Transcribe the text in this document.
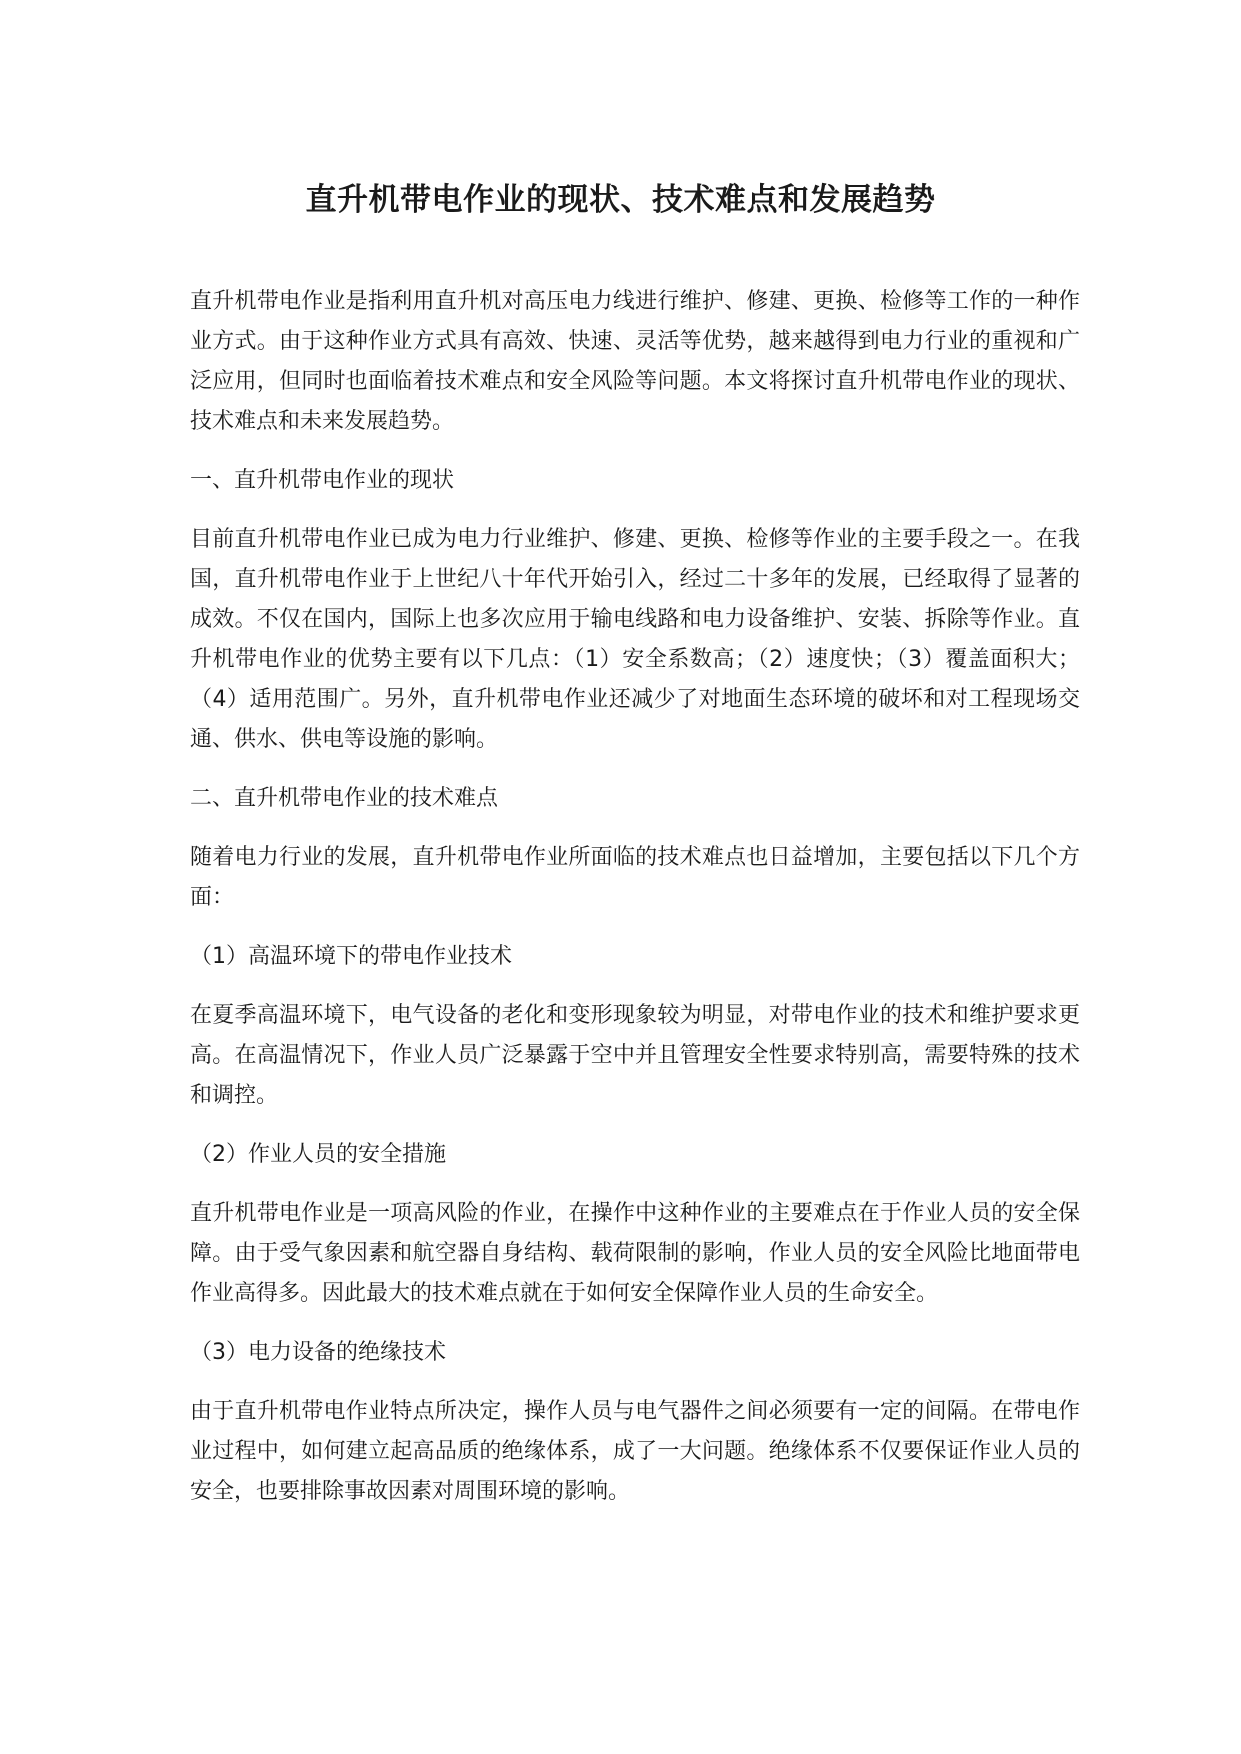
直升机带电作业的现状、技术难点和发展趋势

直升机带电作业是指利用直升机对高压电力线进行维护、修建、更换、检修等工作的一种作业方式。由于这种作业方式具有高效、快速、灵活等优势，越来越得到电力行业的重视和广泛应用，但同时也面临着技术难点和安全风险等问题。本文将探讨直升机带电作业的现状、技术难点和未来发展趋势。

一、直升机带电作业的现状

目前直升机带电作业已成为电力行业维护、修建、更换、检修等作业的主要手段之一。在我国，直升机带电作业于上世纪八十年代开始引入，经过二十多年的发展，已经取得了显著的成效。不仅在国内，国际上也多次应用于输电线路和电力设备维护、安装、拆除等作业。直升机带电作业的优势主要有以下几点：（1）安全系数高；（2）速度快；（3）覆盖面积大；（4）适用范围广。另外，直升机带电作业还减少了对地面生态环境的破坏和对工程现场交通、供水、供电等设施的影响。

二、直升机带电作业的技术难点

随着电力行业的发展，直升机带电作业所面临的技术难点也日益增加，主要包括以下几个方面：

（1）高温环境下的带电作业技术

在夏季高温环境下，电气设备的老化和变形现象较为明显，对带电作业的技术和维护要求更高。在高温情况下，作业人员广泛暴露于空中并且管理安全性要求特别高，需要特殊的技术和调控。

（2）作业人员的安全措施

直升机带电作业是一项高风险的作业，在操作中这种作业的主要难点在于作业人员的安全保障。由于受气象因素和航空器自身结构、载荷限制的影响，作业人员的安全风险比地面带电作业高得多。因此最大的技术难点就在于如何安全保障作业人员的生命安全。

（3）电力设备的绝缘技术

由于直升机带电作业特点所决定，操作人员与电气器件之间必须要有一定的间隔。在带电作业过程中，如何建立起高品质的绝缘体系，成了一大问题。绝缘体系不仅要保证作业人员的安全，也要排除事故因素对周围环境的影响。
